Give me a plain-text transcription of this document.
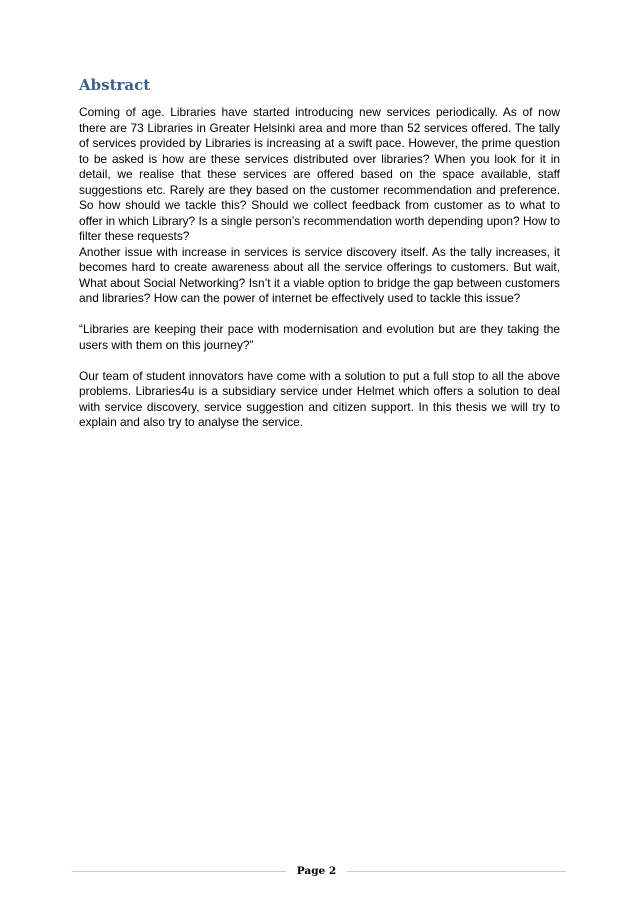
Abstract

Coming of age. Libraries have started introducing new services periodically. As of now there are 73 Libraries in Greater Helsinki area and more than 52 services offered. The tally of services provided by Libraries is increasing at a swift pace. However, the prime question to be asked is how are these services distributed over libraries? When you look for it in detail, we realise that these services are offered based on the space available, staff suggestions etc. Rarely are they based on the customer recommendation and preference. So how should we tackle this? Should we collect feedback from customer as to what to offer in which Library? Is a single person’s recommendation worth depending upon? How to filter these requests?

Another issue with increase in services is service discovery itself. As the tally increases, it becomes hard to create awareness about all the service offerings to customers. But wait, What about Social Networking? Isn’t it a viable option to bridge the gap between customers and libraries? How can the power of internet be effectively used to tackle this issue?

“Libraries are keeping their pace with modernisation and evolution but are they taking the users with them on this journey?”

Our team of student innovators have come with a solution to put a full stop to all the above problems. Libraries4u is a subsidiary service under Helmet which offers a solution to deal with service discovery, service suggestion and citizen support. In this thesis we will try to explain and also try to analyse the service.

Page 2
